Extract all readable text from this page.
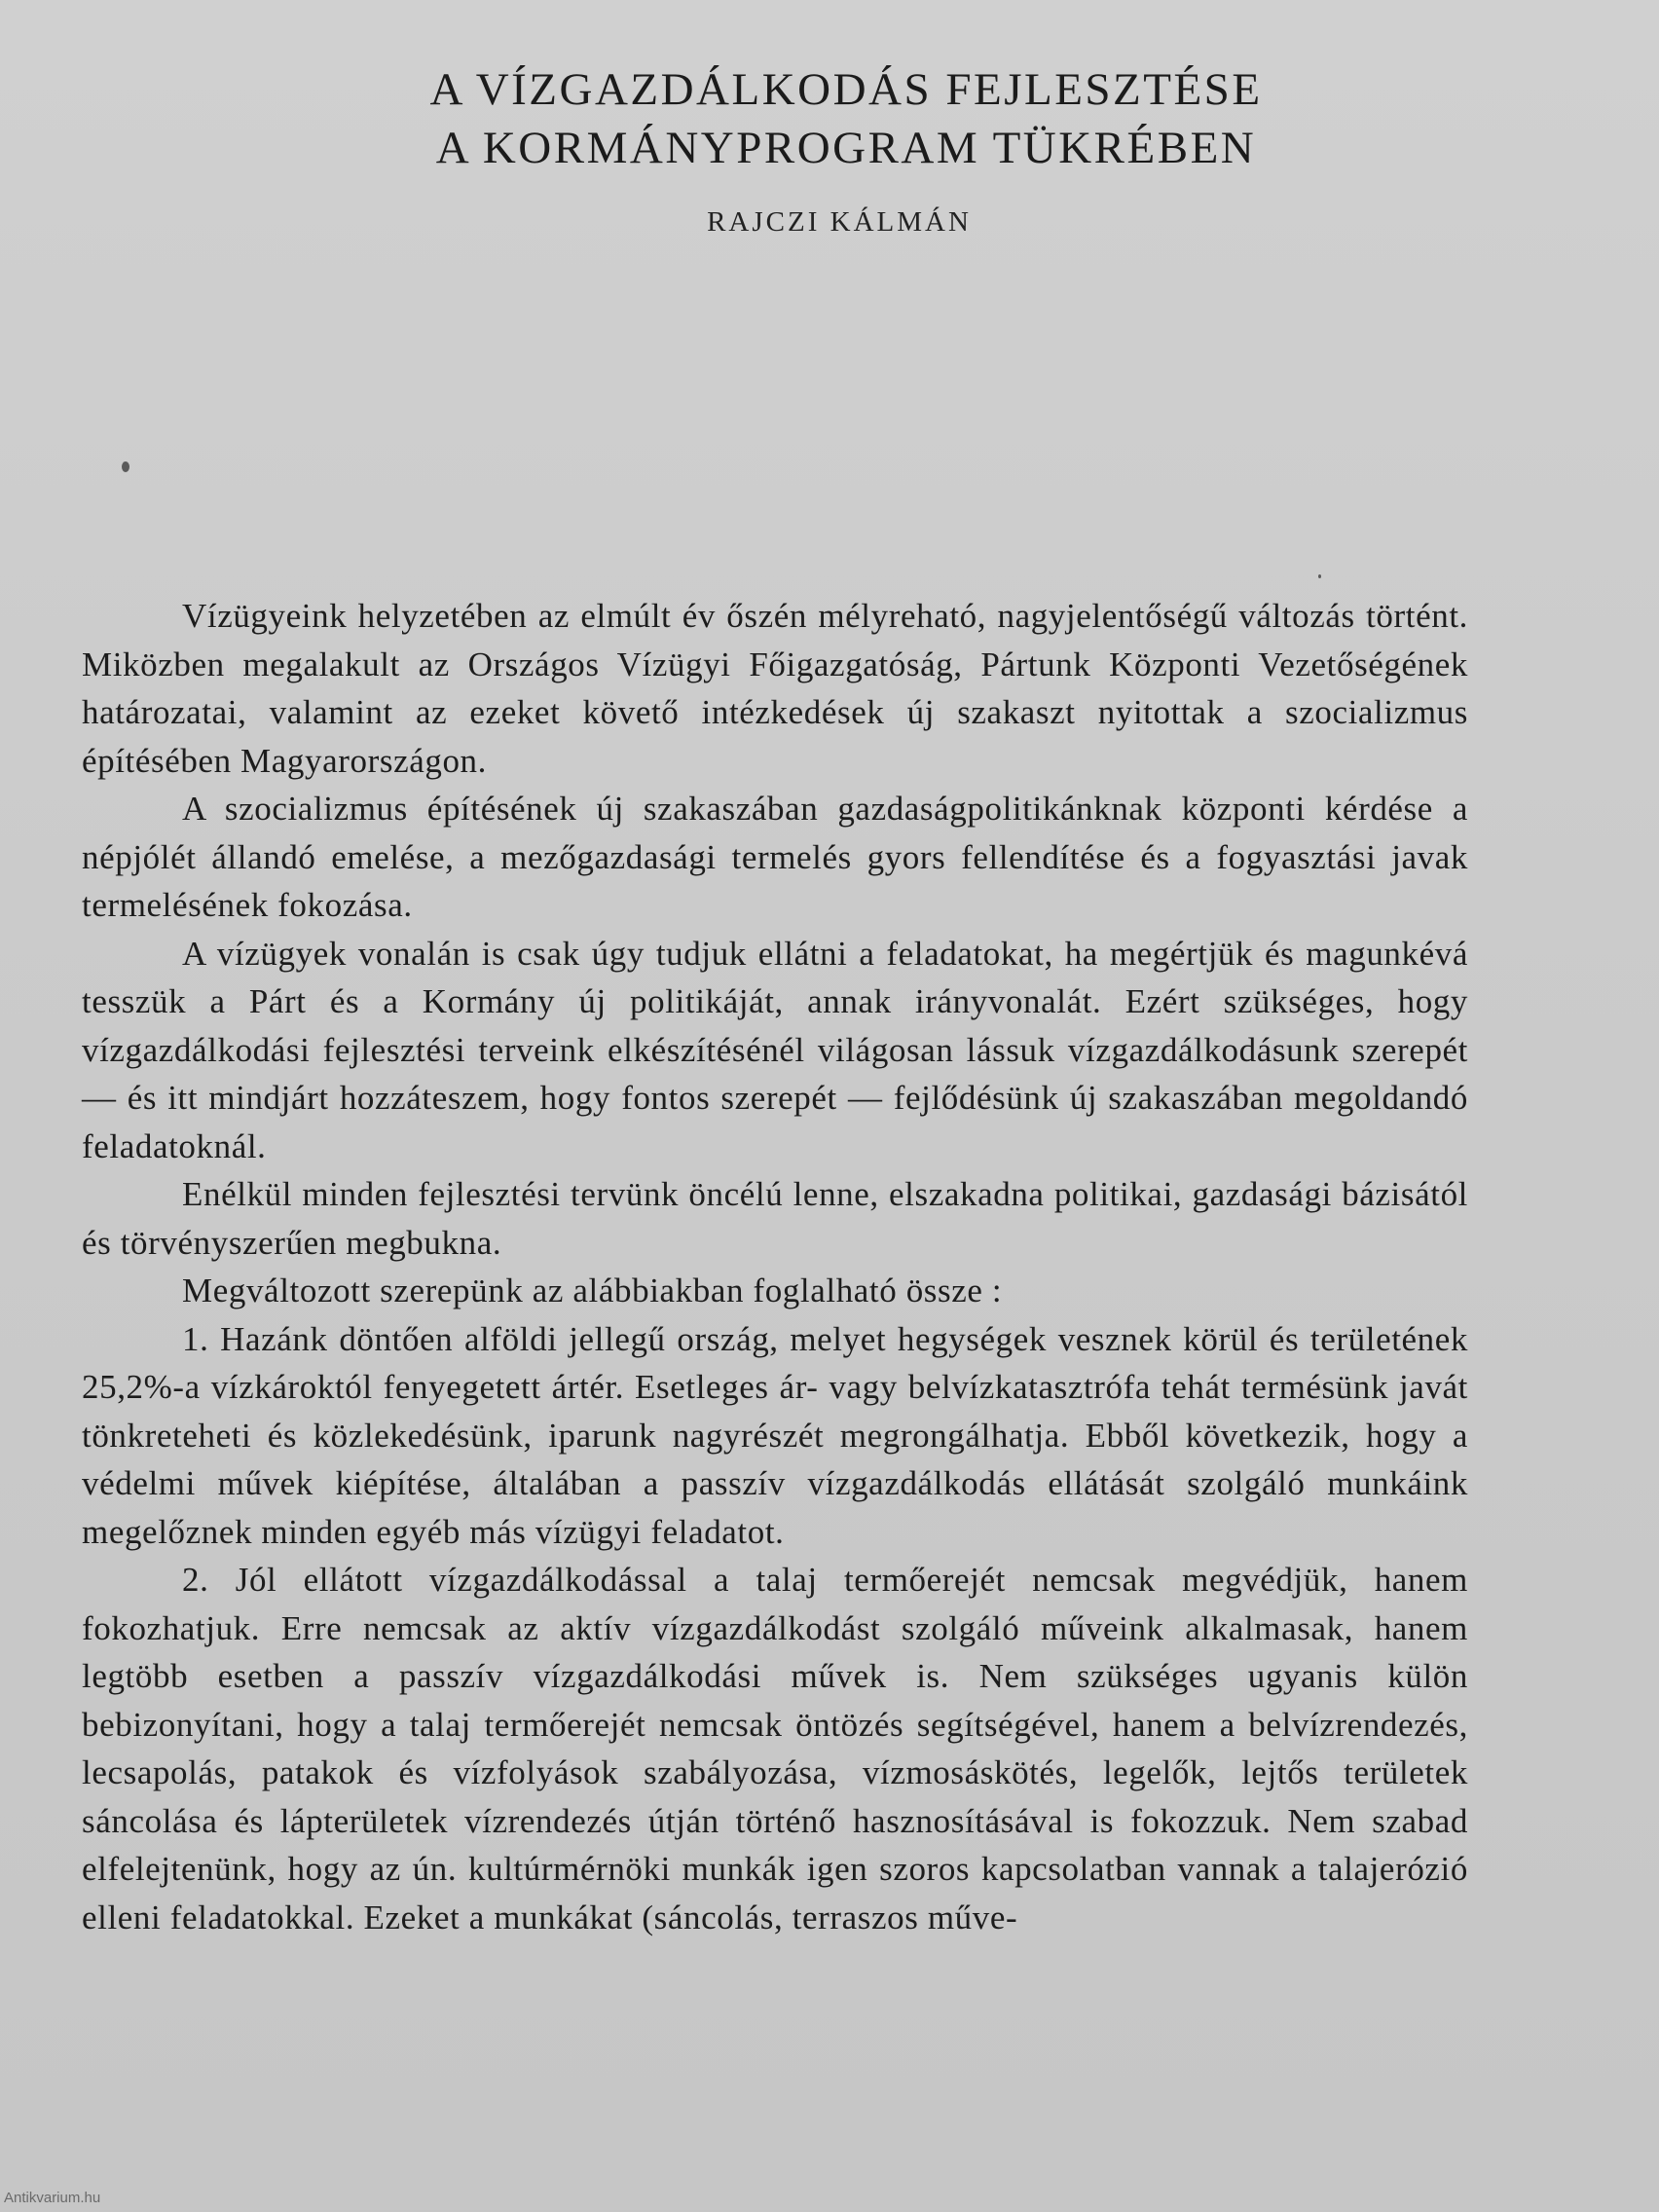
A VÍZGAZDÁLKODÁS FEJLESZTÉSE
A KORMÁNYPROGRAM TÜKRÉBEN
RAJCZI KÁLMÁN

Vízügyeink helyzetében az elmúlt év őszén mélyreható, nagyjelentőségű változás történt. Miközben megalakult az Országos Vízügyi Főigazgatóság, Pártunk Központi Vezetőségének határozatai, valamint az ezeket követő intézkedések új szakaszt nyitottak a szocializmus építésében Magyarországon.

A szocializmus építésének új szakaszában gazdaságpolitikánknak központi kérdése a népjólét állandó emelése, a mezőgazdasági termelés gyors fellendítése és a fogyasztási javak termelésének fokozása.

A vízügyek vonalán is csak úgy tudjuk ellátni a feladatokat, ha megértjük és magunkévá tesszük a Párt és a Kormány új politikáját, annak irányvonalát. Ezért szükséges, hogy vízgazdálkodási fejlesztési terveink elkészítésénél világosan lássuk vízgazdálkodásunk szerepét — és itt mindjárt hozzáteszem, hogy fontos szerepét — fejlődésünk új szakaszában megoldandó feladatoknál.

Enélkül minden fejlesztési tervünk öncélú lenne, elszakadna politikai, gazdasági bázisától és törvényszerűen megbukna.

Megváltozott szerepünk az alábbiakban foglalható össze :

1. Hazánk döntően alföldi jellegű ország, melyet hegységek vesznek körül és területének 25,2%-a vízkároktól fenyegetett ártér. Esetleges ár- vagy belvízkatasztrófa tehát termésünk javát tönkreteheti és közlekedésünk, iparunk nagyrészét megrongálhatja. Ebből következik, hogy a védelmi művek kiépítése, általában a passzív vízgazdálkodás ellátását szolgáló munkáink megelőznek minden egyéb más vízügyi feladatot.

2. Jól ellátott vízgazdálkodással a talaj termőerejét nemcsak megvédjük, hanem fokozhatjuk. Erre nemcsak az aktív vízgazdálkodást szolgáló műveink alkalmasak, hanem legtöbb esetben a passzív vízgazdálkodási művek is. Nem szükséges ugyanis külön bebizonyítani, hogy a talaj termőerejét nemcsak öntözés segítségével, hanem a belvízrendezés, lecsapolás, patakok és vízfolyások szabályozása, vízmosáskötés, legelők, lejtős területek sáncolása és lápterületek vízrendezés útján történő hasznosításával is fokozzuk. Nem szabad elfelejtenünk, hogy az ún. kultúrmérnöki munkák igen szoros kapcsolatban vannak a talajerózió elleni feladatokkal. Ezeket a munkákat (sáncolás, terraszos műve-

Antikvarium.hu
